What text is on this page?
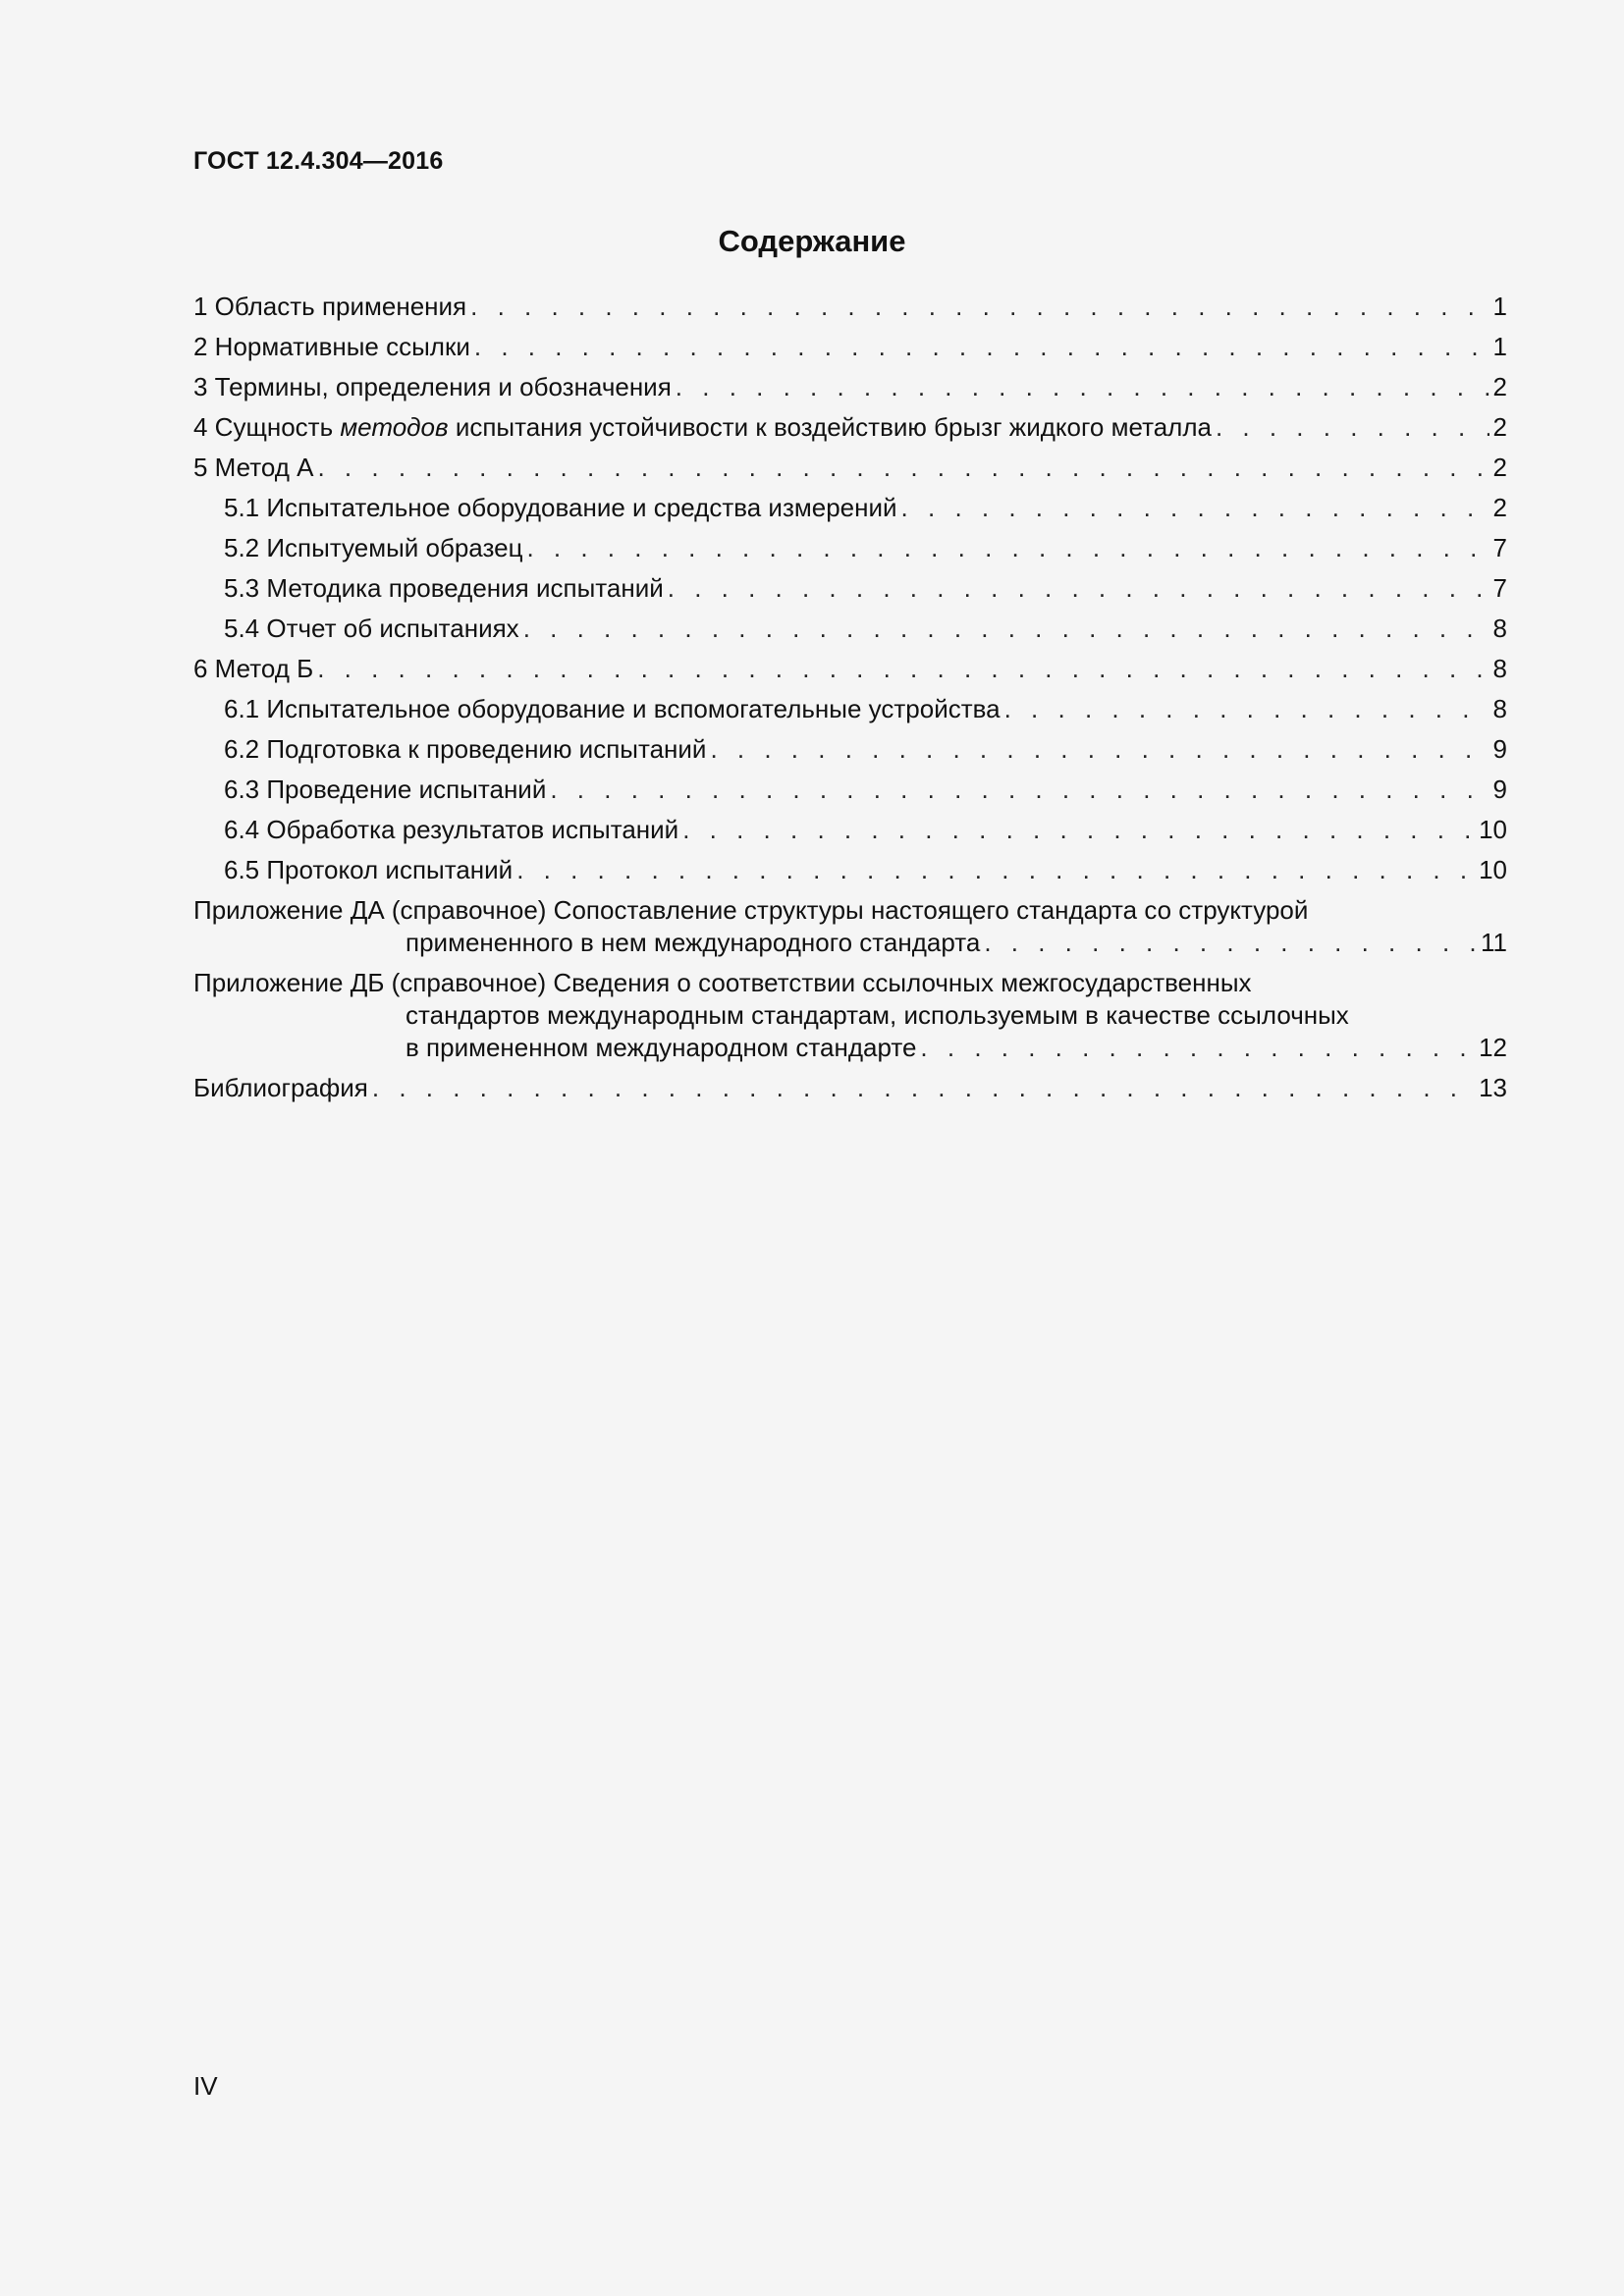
ГОСТ 12.4.304—2016
Содержание
1 Область применения . . .	1
2 Нормативные ссылки . . .	1
3 Термины, определения и обозначения . . .	2
4 Сущность методов испытания устойчивости к воздействию брызг жидкого металла . . .	2
5 Метод А . . .	2
5.1 Испытательное оборудование и средства измерений . . .	2
5.2 Испытуемый образец . . .	7
5.3 Методика проведения испытаний . . .	7
5.4 Отчет об испытаниях . . .	8
6 Метод Б . . .	8
6.1 Испытательное оборудование и вспомогательные устройства . . .	8
6.2 Подготовка к проведению испытаний . . .	9
6.3 Проведение испытаний . . .	9
6.4 Обработка результатов испытаний . . .	10
6.5 Протокол испытаний . . .	10
Приложение ДА (справочное) Сопоставление структуры настоящего стандарта со структурой
примененного в нем международного стандарта . . .	11
Приложение ДБ (справочное) Сведения о соответствии ссылочных межгосударственных
стандартов международным стандартам, используемым в качестве ссылочных
в примененном международном стандарте . . .	12
Библиография . . .	13
IV
